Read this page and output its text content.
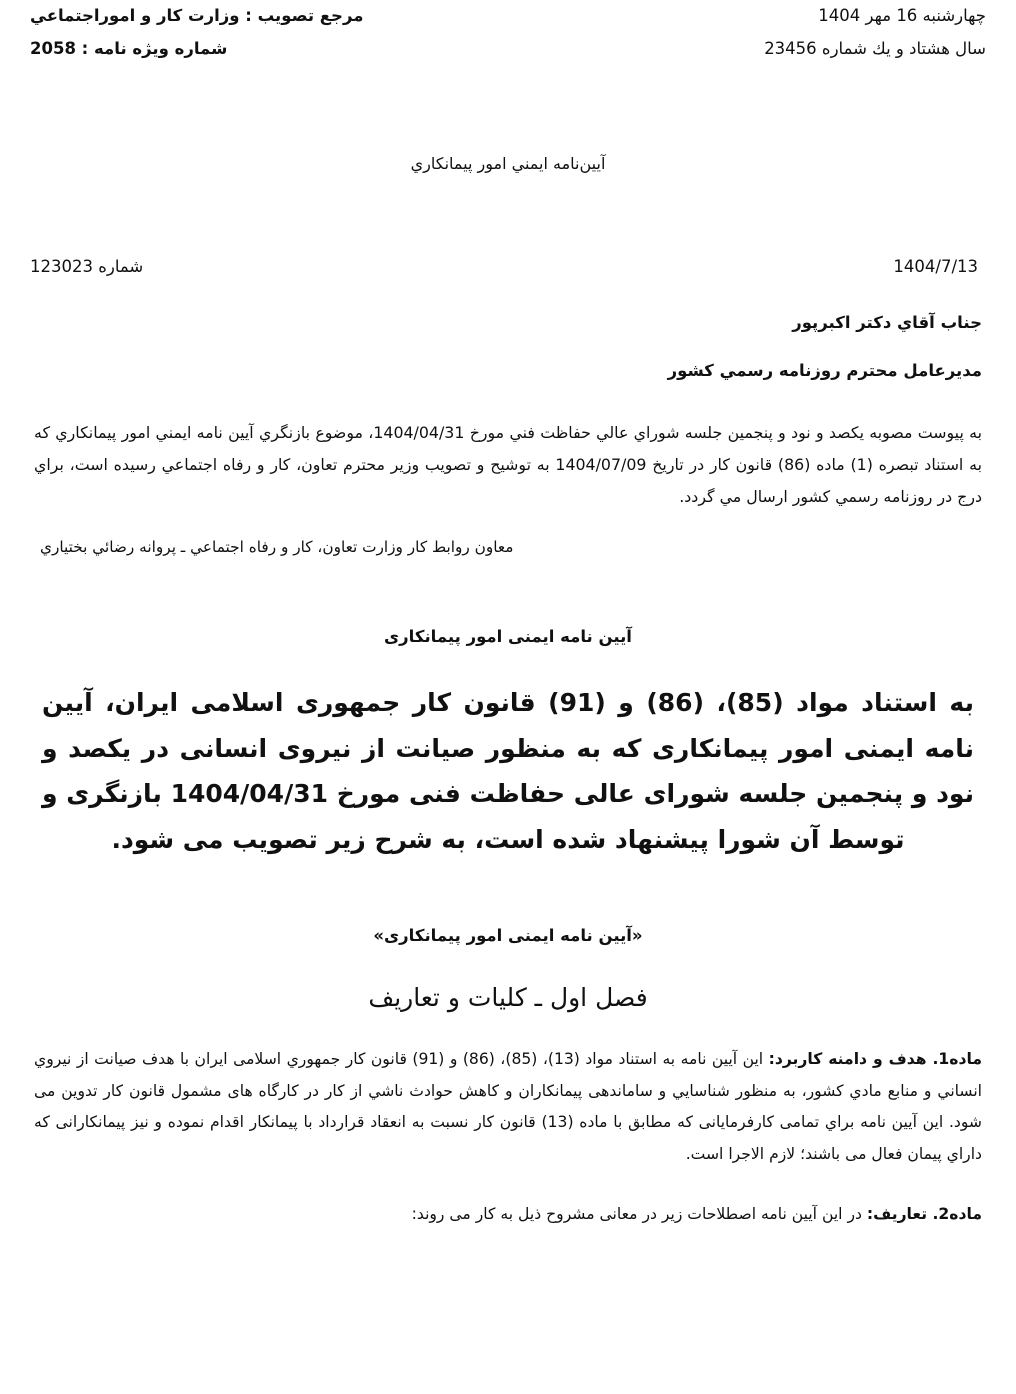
چهارشنبه 16 مهر 1404
مرجع تصويب : وزارت كار و اموراجتماعي
سال هشتاد و يك شماره 23456
شماره ويژه نامه : 2058
آيين‌نامه ايمني امور پيمانكاري
1404/7/13
شماره 123023
جناب آقاي دكتر اكبرپور
مديرعامل محترم روزنامه رسمي كشور
به پيوست مصوبه يكصد و نود و پنجمين جلسه شوراي عالي حفاظت فني مورخ 1404/04/31، موضوع بازنگري آيين نامه ايمني امور پيمانكاري كه به استناد تبصره (1) ماده (86) قانون كار در تاريخ 1404/07/09 به توشيح و تصويب وزير محترم تعاون، كار و رفاه اجتماعي رسيده است، براي درج در روزنامه رسمي كشور ارسال مي گردد.
معاون روابط كار وزارت تعاون، كار و رفاه اجتماعي ـ پروانه رضائي بختياري
آیین نامه ایمنی امور پیمانکاری
به استناد مواد (85)، (86) و (91) قانون کار جمهوری اسلامی ایران، آیین نامه ایمنی امور پیمانکاری که به منظور صیانت از نیروی انسانی در یکصد و نود و پنجمین جلسه شورای عالی حفاظت فنی مورخ 1404/04/31 بازنگری و توسط آن شورا پیشنهاد شده است، به شرح زیر تصویب می شود.
«آیین نامه ایمنی امور پیمانکاری»
فصل اول ـ کلیات و تعاریف
ماده1. هدف و دامنه كاربرد: این آيين نامه به استناد مواد (13)، (85)، (86) و (91) قانون كار جمهوري اسلامی ايران با هدف صيانت از نيروي انساني و منابع مادي كشور، به منظور شناسايي و ساماندهی پيمانكاران و كاهش حوادث ناشي از كار در كارگاه های مشمول قانون كار تدوين می شود. اين آيين نامه براي تمامی كارفرمايانی كه مطابق با ماده (13) قانون كار نسبت به انعقاد قرارداد با پيمانكار اقدام نموده و نيز پيمانكارانی كه داراي پيمان فعال می باشند؛ لازم الاجرا است.
ماده2. تعاریف: در این آیین نامه اصطلاحات زیر در معانی مشروح ذیل به کار می روند:
